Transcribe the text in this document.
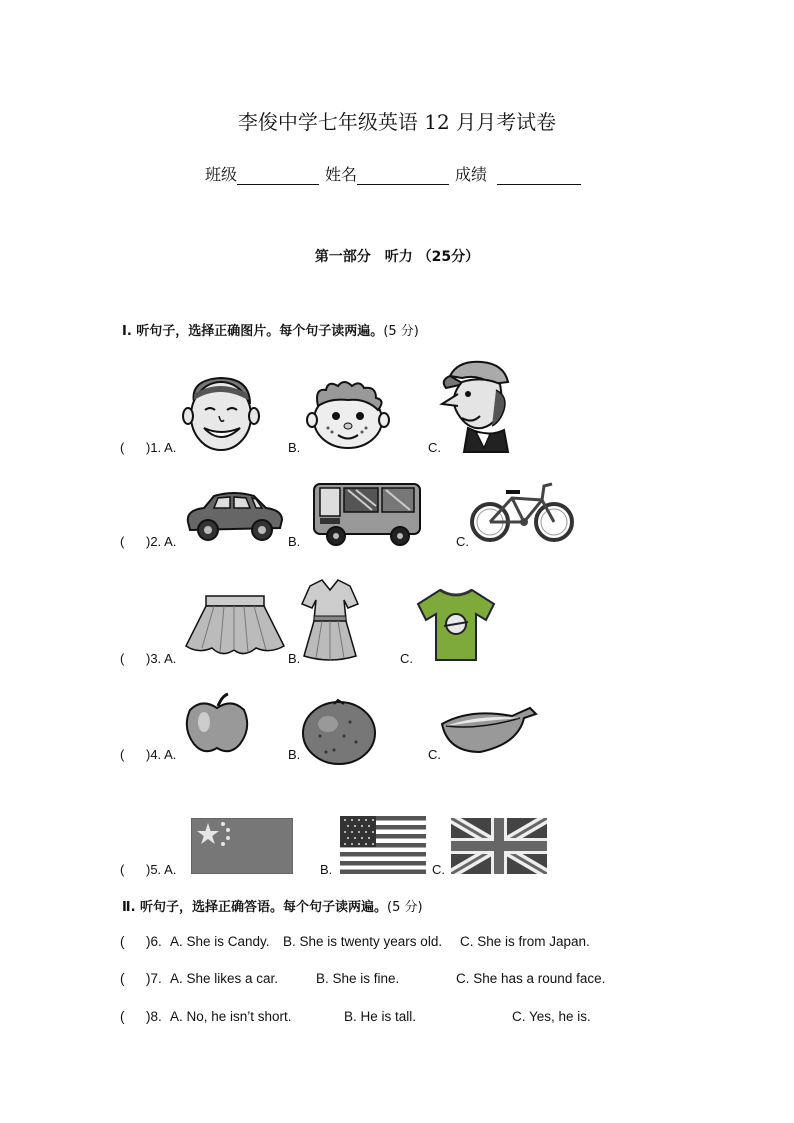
李俊中学七年级英语 12 月月考试卷
班级	姓名	成绩
第一部分　听力 （25分）
Ⅰ. 听句子，选择正确图片。每个句子读两遍。(5 分)
( )1. A.	B.	C.
( )2. A.	B.	C.
( )3. A.	B.	C.
( )4. A.	B.	C.
( )5. A.	B.	C.
Ⅱ. 听句子，选择正确答语。每个句子读两遍。(5 分)
( )6. A. She is Candy. B. She is twenty years old. C. She is from Japan.
( )7. A. She likes a car.	B. She is fine.	C. She has a round face.
( )8. A. No, he isn’t short.	B. He is tall.	C. Yes, he is.
